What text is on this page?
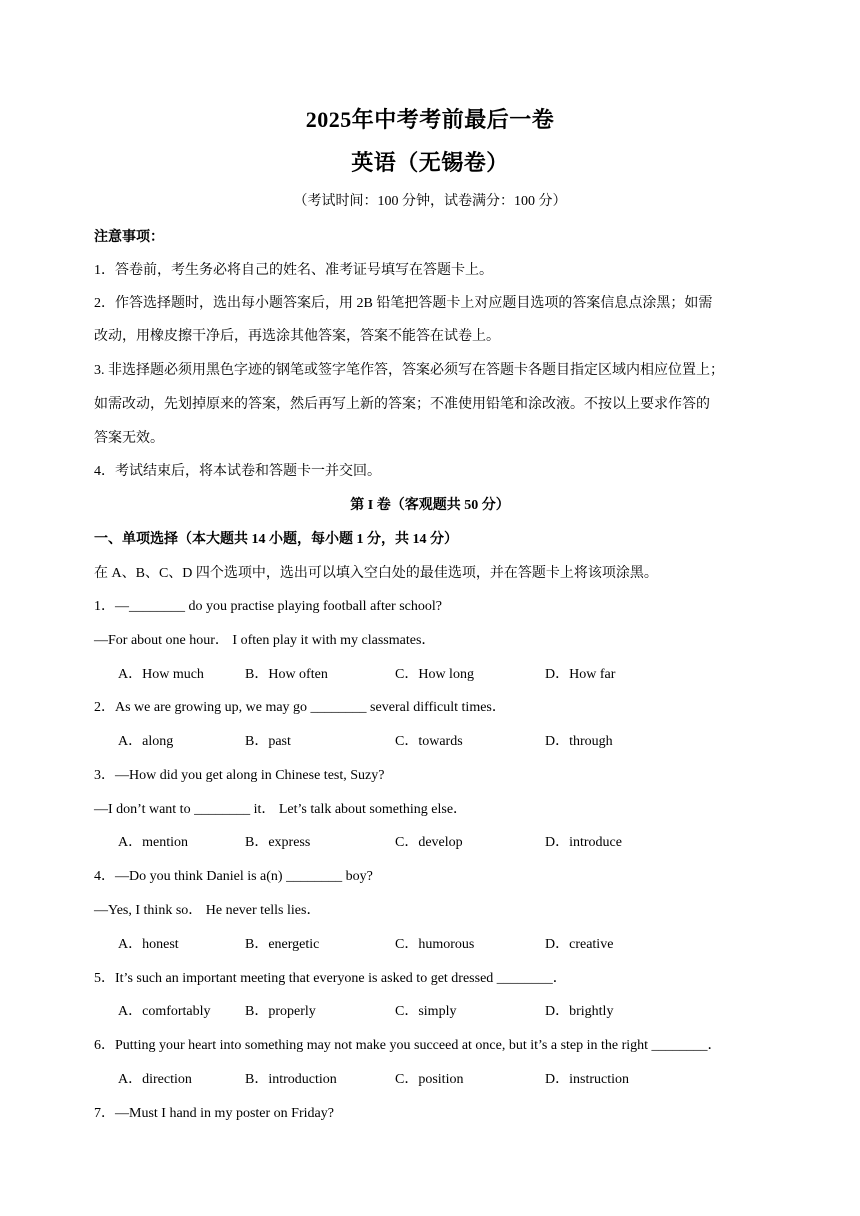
2025年中考考前最后一卷
英语（无锡卷）
（考试时间：100 分钟，试卷满分：100 分）
注意事项：
1．答卷前，考生务必将自己的姓名、准考证号填写在答题卡上。
2．作答选择题时，选出每小题答案后，用 2B 铅笔把答题卡上对应题目选项的答案信息点涂黑；如需
改动，用橡皮擦干净后，再选涂其他答案，答案不能答在试卷上。
3. 非选择题必须用黑色字迹的钢笔或签字笔作答，答案必须写在答题卡各题目指定区域内相应位置上；
如需改动，先划掉原来的答案，然后再写上新的答案；不准使用铅笔和涂改液。不按以上要求作答的
答案无效。
4．考试结束后，将本试卷和答题卡一并交回。
第 I 卷（客观题共 50 分）
一、单项选择（本大题共 14 小题，每小题 1 分，共 14 分）
在 A、B、C、D 四个选项中，选出可以填入空白处的最佳选项，并在答题卡上将该项涂黑。
1．—________ do you practise playing football after school?
—For about one hour． I often play it with my classmates．
A．How much	B．How often	C．How long	D．How far
2．As we are growing up, we may go ________ several difficult times．
A．along	B．past	C．towards	D．through
3．—How did you get along in Chinese test, Suzy?
—I don’t want to ________ it． Let’s talk about something else．
A．mention	B．express	C．develop	D．introduce
4．—Do you think Daniel is a(n) ________ boy?
—Yes, I think so． He never tells lies．
A．honest	B．energetic	C．humorous	D．creative
5．It’s such an important meeting that everyone is asked to get dressed ________．
A．comfortably B．properly	C．simply	D．brightly
6．Putting your heart into something may not make you succeed at once, but it’s a step in the right ________．
A．direction	B．introduction	C．position	D．instruction
7．—Must I hand in my poster on Friday?
